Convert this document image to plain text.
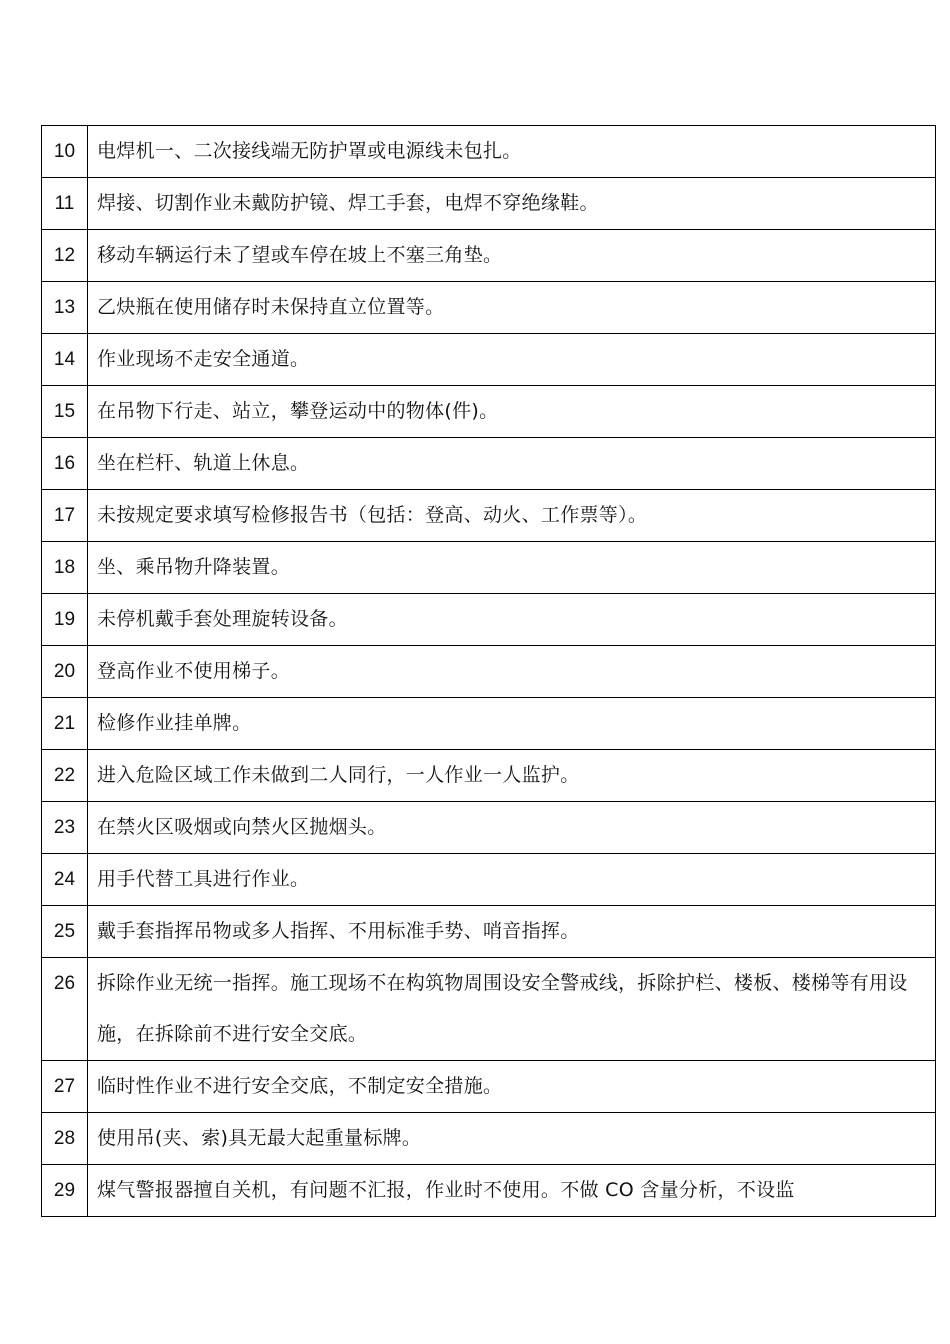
10	电焊机一、二次接线端无防护罩或电源线未包扎。
11	焊接、切割作业未戴防护镜、焊工手套，电焊不穿绝缘鞋。
12	移动车辆运行未了望或车停在坡上不塞三角垫。
13	乙炔瓶在使用储存时未保持直立位置等。
14	作业现场不走安全通道。
15	在吊物下行走、站立，攀登运动中的物体(件)。
16	坐在栏杆、轨道上休息。
17	未按规定要求填写检修报告书（包括：登高、动火、工作票等）。
18	坐、乘吊物升降装置。
19	未停机戴手套处理旋转设备。
20	登高作业不使用梯子。
21	检修作业挂单牌。
22	进入危险区域工作未做到二人同行，一人作业一人监护。
23	在禁火区吸烟或向禁火区抛烟头。
24	用手代替工具进行作业。
25	戴手套指挥吊物或多人指挥、不用标准手势、哨音指挥。
26	拆除作业无统一指挥。施工现场不在构筑物周围设安全警戒线，拆除护栏、楼板、楼梯等有用设施，在拆除前不进行安全交底。
27	临时性作业不进行安全交底，不制定安全措施。
28	使用吊(夹、索)具无最大起重量标牌。
29	煤气警报器擅自关机，有问题不汇报，作业时不使用。不做 CO 含量分析，不设监
